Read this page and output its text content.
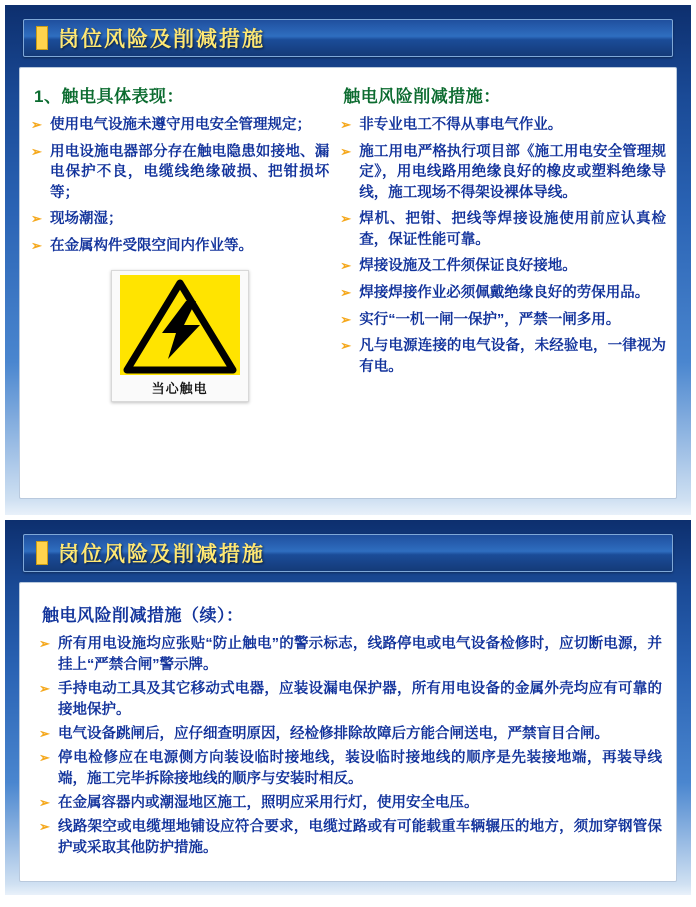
岗位风险及削减措施
1、触电具体表现：
➢ 使用电气设施未遵守用电安全管理规定；
➢ 用电设施电器部分存在触电隐患如接地、漏电保护不良，电缆线绝缘破损、把钳损坏等；
➢ 现场潮湿；
➢ 在金属构件受限空间内作业等。
当心触电
触电风险削减措施：
➢ 非专业电工不得从事电气作业。
➢ 施工用电严格执行项目部《施工用电安全管理规定》，用电线路用绝缘良好的橡皮或塑料绝缘导线，施工现场不得架设裸体导线。
➢ 焊机、把钳、把线等焊接设施使用前应认真检查，保证性能可靠。
➢ 焊接设施及工件须保证良好接地。
➢ 焊接焊接作业必须佩戴绝缘良好的劳保用品。
➢ 实行“一机一闸一保护”，严禁一闸多用。
➢ 凡与电源连接的电气设备，未经验电，一律视为有电。
岗位风险及削减措施
触电风险削减措施（续）：
➢ 所有用电设施均应张贴“防止触电”的警示标志，线路停电或电气设备检修时，应切断电源，并挂上“严禁合闸”警示牌。
➢ 手持电动工具及其它移动式电器，应装设漏电保护器，所有用电设备的金属外壳均应有可靠的接地保护。
➢ 电气设备跳闸后，应仔细查明原因，经检修排除故障后方能合闸送电，严禁盲目合闸。
➢ 停电检修应在电源侧方向装设临时接地线，装设临时接地线的顺序是先装接地端，再装导线端，施工完毕拆除接地线的顺序与安装时相反。
➢ 在金属容器内或潮湿地区施工，照明应采用行灯，使用安全电压。
➢ 线路架空或电缆埋地铺设应符合要求，电缆过路或有可能载重车辆辗压的地方，须加穿钢管保护或采取其他防护措施。
